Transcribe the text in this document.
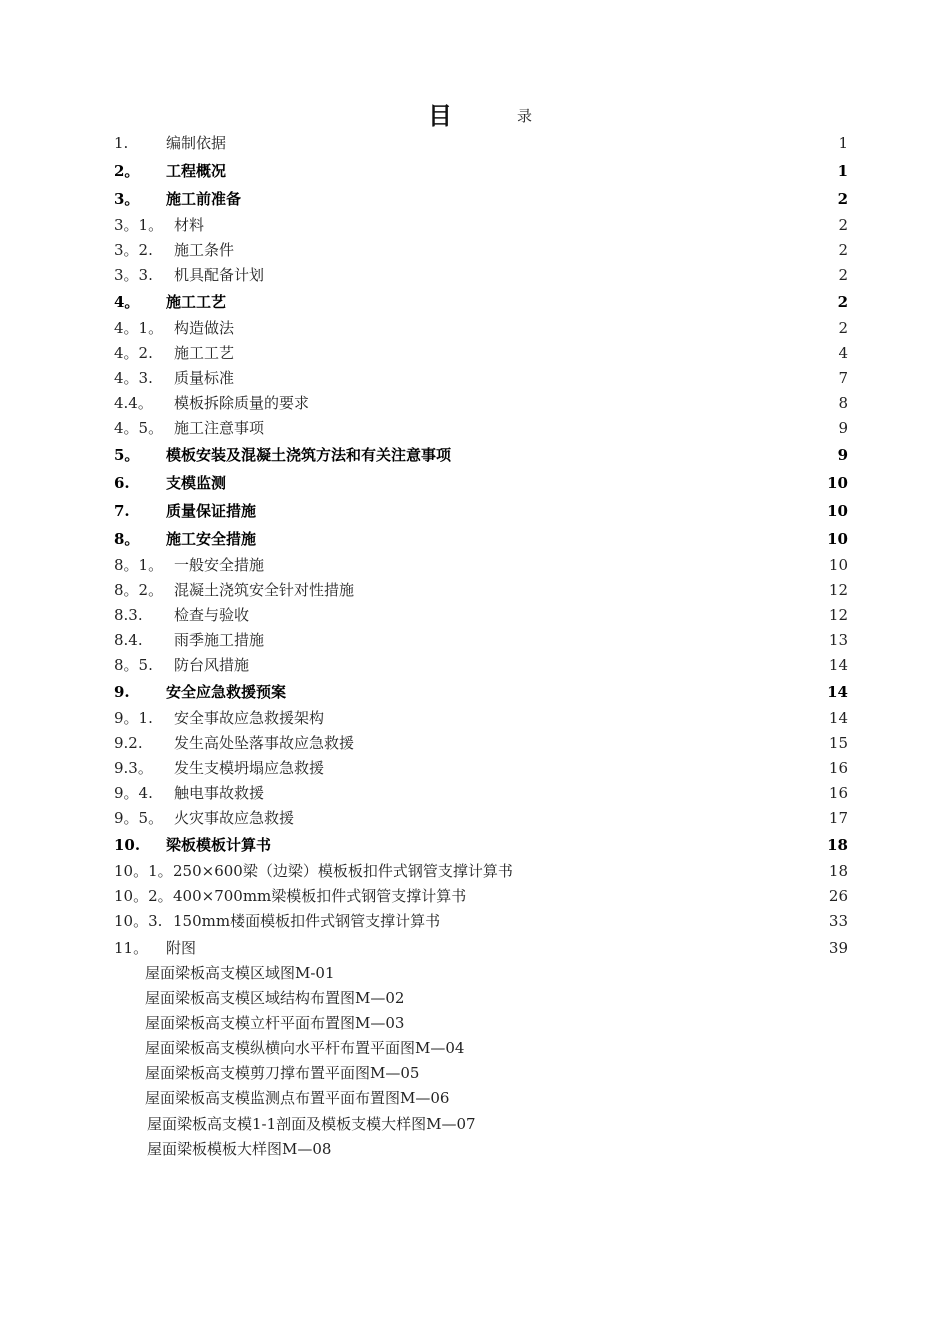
目	录
1.	编制依据	1
2。 工程概况	1
3。 施工前准备	2
3。1。 材料	2
3。2. 施工条件	2
3。3. 机具配备计划	2
4。 施工工艺	2
4。1。 构造做法	2
4。2. 施工工艺	4
4。3. 质量标准	7
4.4。 模板拆除质量的要求	8
4。5。 施工注意事项	9
5。 模板安装及混凝土浇筑方法和有关注意事项	9
6. 支模监测	10
7. 质量保证措施	10
8。 施工安全措施	10
8。1。 一般安全措施	10
8。2。 混凝土浇筑安全针对性措施	12
8.3. 检查与验收	12
8.4. 雨季施工措施	13
8。5. 防台风措施	14
9. 安全应急救援预案	14
9。1. 安全事故应急救援架构	14
9.2. 发生高处坠落事故应急救援	15
9.3。 发生支模坍塌应急救援	16
9。4. 触电事故救援	16
9。5。 火灾事故应急救援	17
10. 梁板模板计算书	18
10。1。 250×600梁（边梁）模板板扣件式钢管支撑计算书	18
10。2。 400×700mm梁模板扣件式钢管支撑计算书	26
10。3. 150mm楼面模板扣件式钢管支撑计算书	33
11。 附图	39
屋面梁板高支模区域图M-01
屋面梁板高支模区域结构布置图M—02
屋面梁板高支模立杆平面布置图M—03
屋面梁板高支模纵横向水平杆布置平面图M—04
屋面梁板高支模剪刀撑布置平面图M—05
屋面梁板高支模监测点布置平面布置图M—06
屋面梁板高支模1-1剖面及模板支模大样图M—07
屋面梁板模板大样图M—08
